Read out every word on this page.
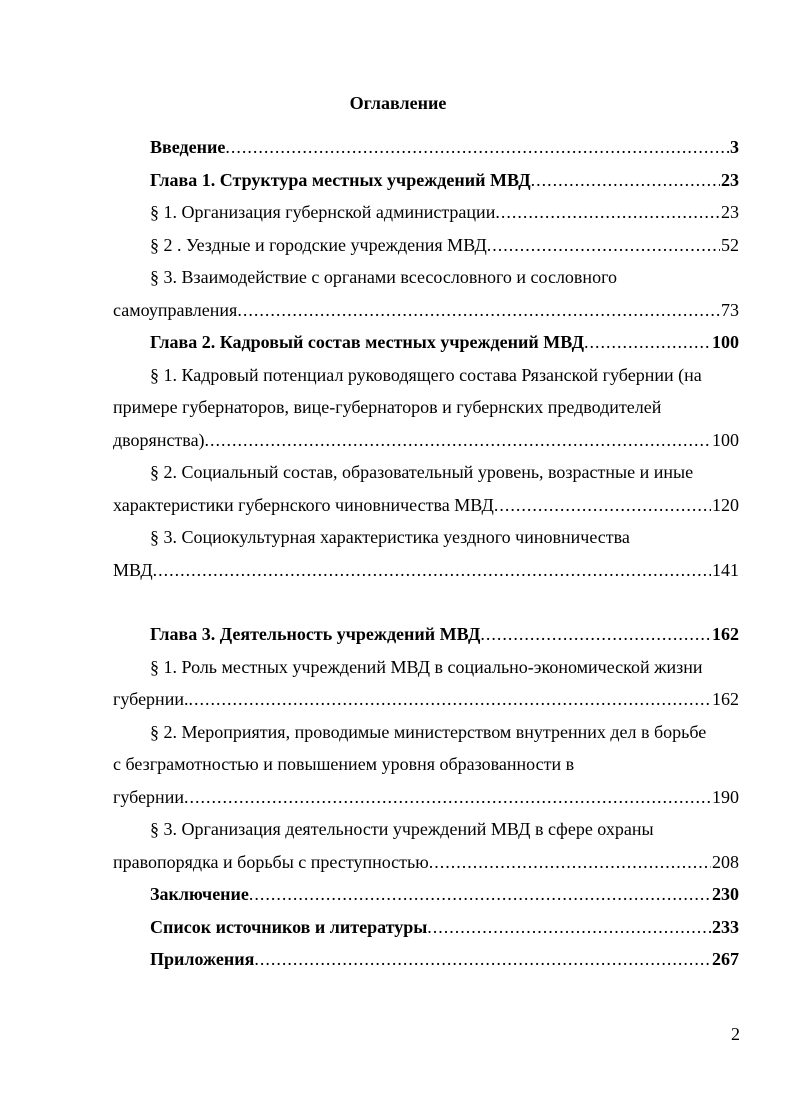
Оглавление
Введение .....	3
Глава 1. Структура местных учреждений МВД .....	23
§ 1. Организация губернской администрации .....	23
§ 2 . Уездные и городские учреждения МВД .....	52
§ 3. Взаимодействие с органами всесословного и сословного
самоуправления .....	73
Глава 2. Кадровый состав местных учреждений МВД .....	100
§ 1. Кадровый потенциал руководящего состава Рязанской губернии (на
примере губернаторов, вице-губернаторов и губернских предводителей
дворянства) .....	100
§ 2. Социальный состав, образовательный уровень, возрастные и иные
характеристики губернского чиновничества МВД .....	120
§ 3. Социокультурная характеристика уездного чиновничества
МВД .....	141
Глава 3. Деятельность учреждений МВД .....	162
§ 1. Роль местных учреждений МВД в социально-экономической жизни
губернии. .....	162
§ 2. Мероприятия, проводимые министерством внутренних дел в борьбе
с безграмотностью и повышением уровня образованности в
губернии .....	190
§ 3. Организация деятельности учреждений МВД в сфере охраны
правопорядка и борьбы с преступностью .....	208
Заключение .....	230
Список источников и литературы .....	233
Приложения .....	267
2
